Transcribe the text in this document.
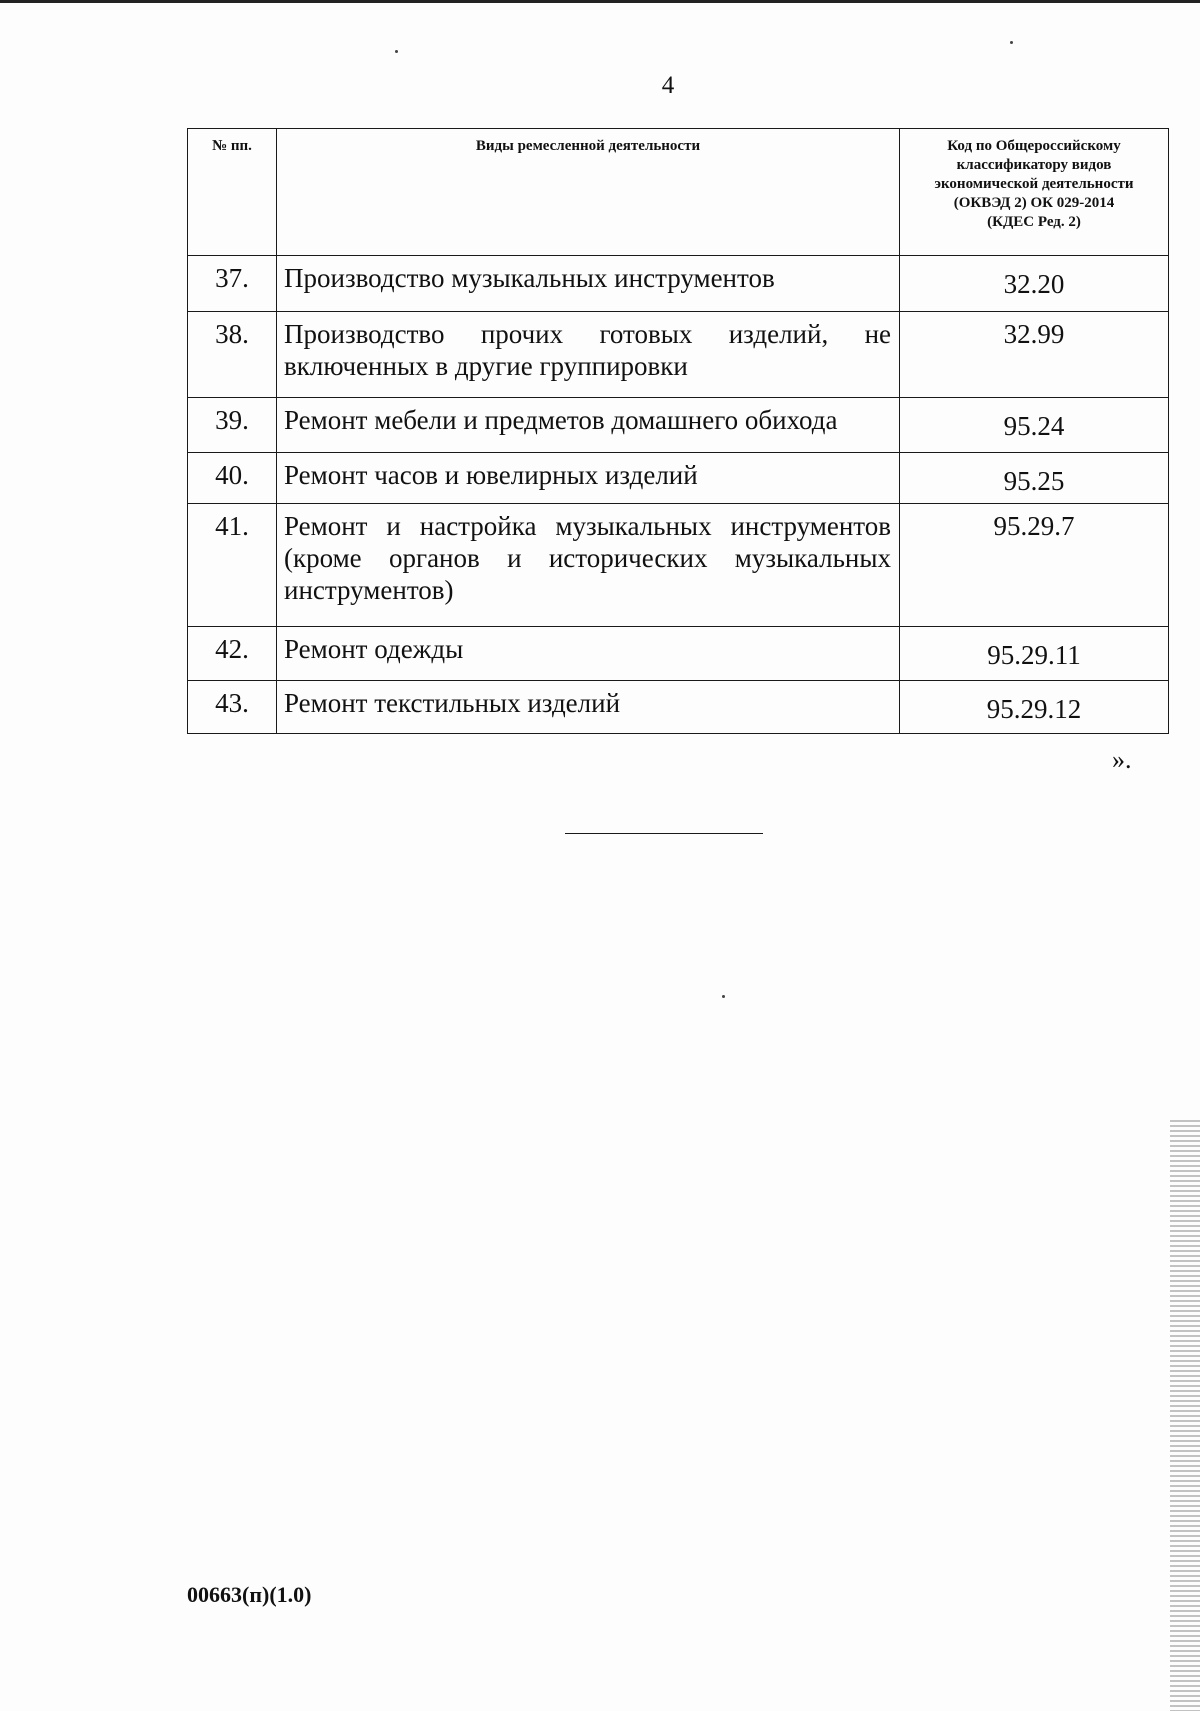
4
№ пп.	Виды ремесленной деятельности	Код по Общероссийскому
классификатору видов
экономической деятельности
(ОКВЭД 2) ОК 029-2014
(КДЕС Ред. 2)

37.	Производство музыкальных инструментов	32.20
38.	Производство прочих готовых изделий, не включенных в другие группировки	32.99
39.	Ремонт мебели и предметов домашнего обихода	95.24
40.	Ремонт часов и ювелирных изделий	95.25
41.	Ремонт и настройка музыкальных инструментов (кроме органов и исторических музыкальных инструментов)	95.29.7
42.	Ремонт одежды	95.29.11
43.	Ремонт текстильных изделий	95.29.12
».
00663(п)(1.0)
